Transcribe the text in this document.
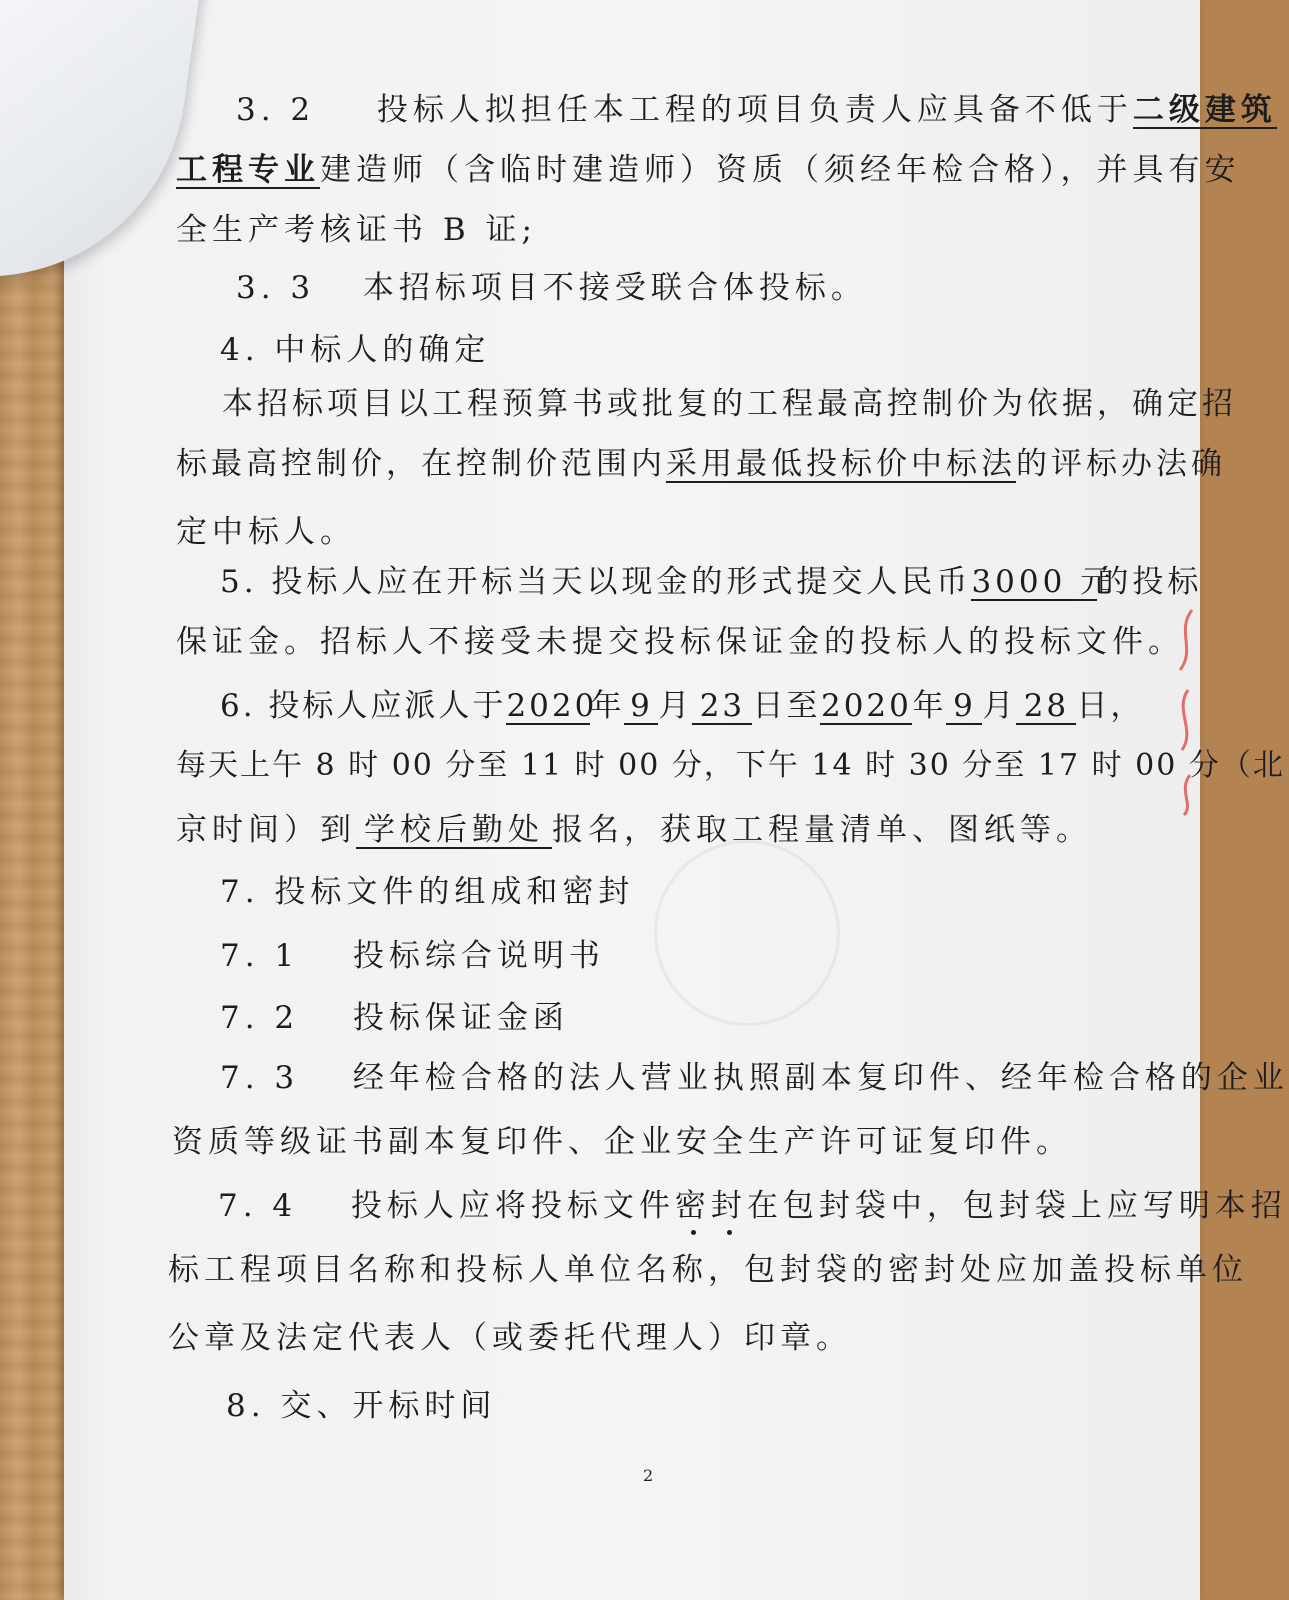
3. 2 投标人拟担任本工程的项目负责人应具备不低于二级建筑
工程专业建造师（含临时建造师）资质（须经年检合格），并具有安
全生产考核证书 B 证;
3. 3 本招标项目不接受联合体投标。
4. 中标人的确定
本招标项目以工程预算书或批复的工程最高控制价为依据，确定招
标最高控制价，在控制价范围内采用最低投标价中标法的评标办法确
定中标人。
5. 投标人应在开标当天以现金的形式提交人民币3000 元的投标
保证金。招标人不接受未提交投标保证金的投标人的投标文件。
6. 投标人应派人于2020年 9 月 23 日至2020年 9 月 28 日，
每天上午 8 时 00 分至 11 时 00 分，下午 14 时 30 分至 17 时 00 分（北
京时间）到 学校后勤处 报名，获取工程量清单、图纸等。
7. 投标文件的组成和密封
7. 1 投标综合说明书
7. 2 投标保证金函
7. 3 经年检合格的法人营业执照副本复印件、经年检合格的企业
资质等级证书副本复印件、企业安全生产许可证复印件。
7. 4 投标人应将投标文件密封在包封袋中，包封袋上应写明本招
标工程项目名称和投标人单位名称，包封袋的密封处应加盖投标单位
公章及法定代表人（或委托代理人）印章。
8. 交、开标时间
2
